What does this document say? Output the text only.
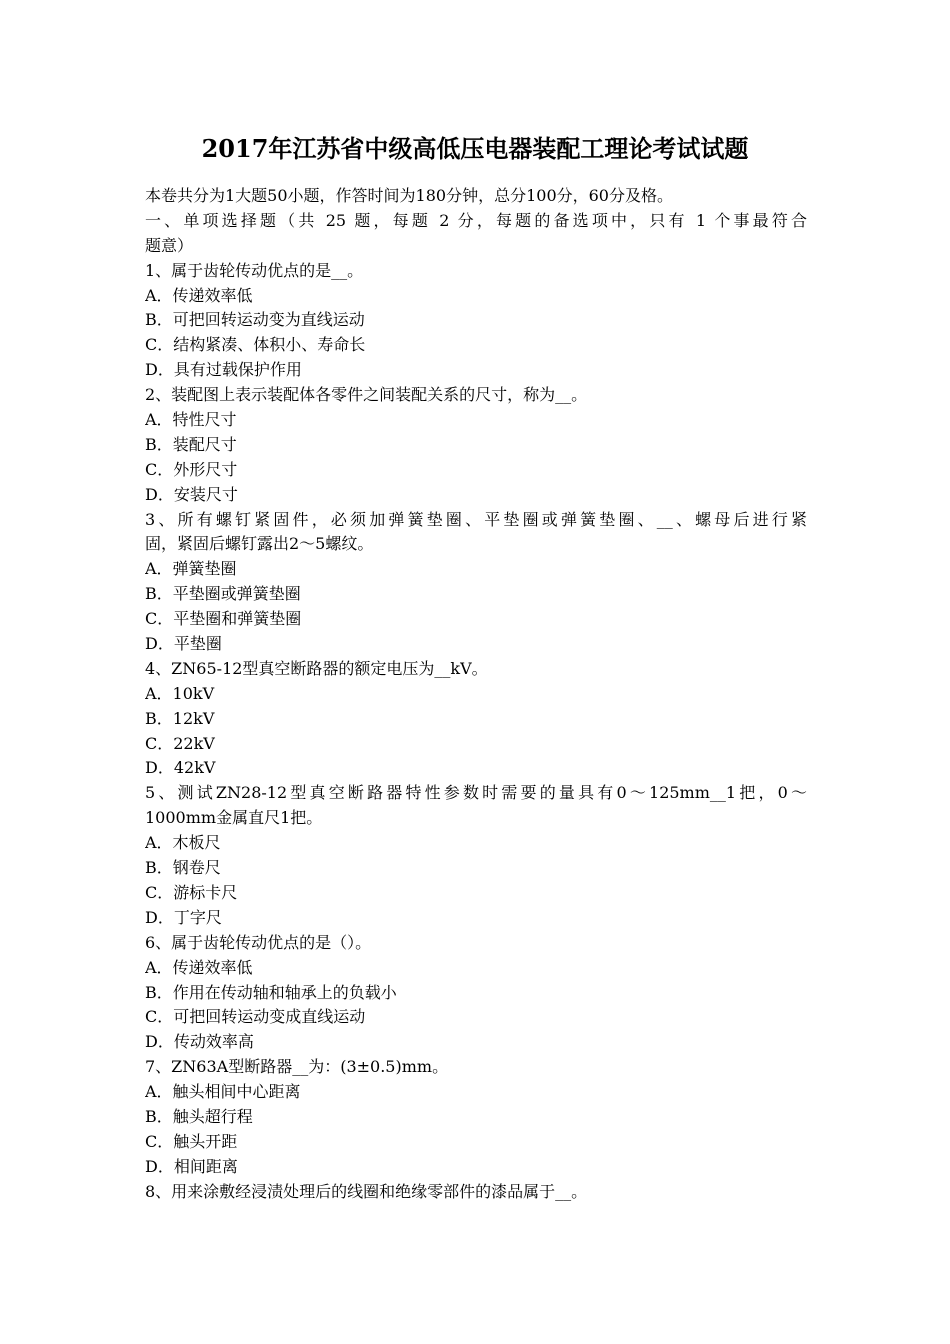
2017年江苏省中级高低压电器装配工理论考试试题
本卷共分为1大题50小题，作答时间为180分钟，总分100分，60分及格。
一、单项选择题（共 25 题，每题 2 分，每题的备选项中，只有 1 个事最符合
题意）
1、属于齿轮传动优点的是__。
A．传递效率低
B．可把回转运动变为直线运动
C．结构紧凑、体积小、寿命长
D．具有过载保护作用
2、装配图上表示装配体各零件之间装配关系的尺寸，称为__。
A．特性尺寸
B．装配尺寸
C．外形尺寸
D．安装尺寸
3、所有螺钉紧固件，必须加弹簧垫圈、平垫圈或弹簧垫圈、__、螺母后进行紧
固，紧固后螺钉露出2～5螺纹。
A．弹簧垫圈
B．平垫圈或弹簧垫圈
C．平垫圈和弹簧垫圈
D．平垫圈
4、ZN65-12型真空断路器的额定电压为__kV。
A．10kV
B．12kV
C．22kV
D．42kV
5、测试ZN28-12型真空断路器特性参数时需要的量具有0～125mm__1把，0～
1000mm金属直尺1把。
A．木板尺
B．钢卷尺
C．游标卡尺
D．丁字尺
6、属于齿轮传动优点的是（）。
A．传递效率低
B．作用在传动轴和轴承上的负载小
C．可把回转运动变成直线运动
D．传动效率高
7、ZN63A型断路器__为：(3±0.5)mm。
A．触头相间中心距离
B．触头超行程
C．触头开距
D．相间距离
8、用来涂敷经浸渍处理后的线圈和绝缘零部件的漆品属于__。
